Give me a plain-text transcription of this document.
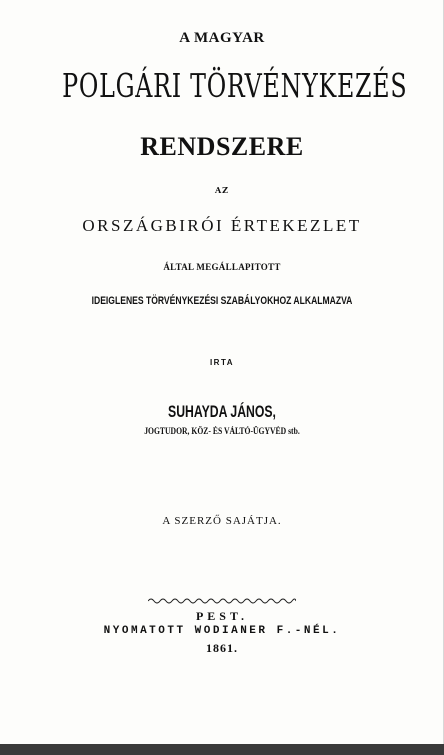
A MAGYAR
POLGÁRI TÖRVÉNYKEZÉS
RENDSZERE
AZ
ORSZÁGBIRÓI ÉRTEKEZLET
ÁLTAL MEGÁLLAPITOTT
IDEIGLENES TÖRVÉNYKEZÉSI SZABÁLYOKHOZ ALKALMAZVA
IRTA
SUHAYDA JÁNOS,
JOGTUDOR, KÖZ- ÉS VÁLTÓ-ÜGYVÉD stb.
A SZERZŐ SAJÁTJA.
PEST.
NYOMATOTT WODIANER F.-NÉL.
1861.
